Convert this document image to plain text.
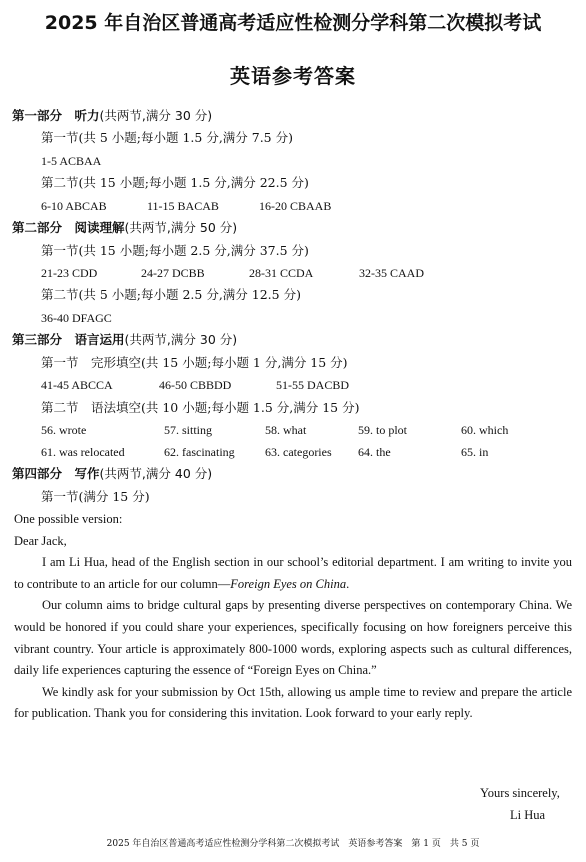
2025 年自治区普通高考适应性检测分学科第二次模拟考试
英语参考答案
第一部分　 听力(共两节,满分 30 分)
第一节(共 5 小题;每小题 1.5 分,满分 7.5 分)
1-5 ACBAA
第二节(共 15 小题;每小题 1.5 分,满分 22.5 分)
6-10 ABCAB	11-15 BACAB	16-20 CBAAB
第二部分　 阅读理解(共两节,满分 50 分)
第一节(共 15 小题;每小题 2.5 分,满分 37.5 分)
21-23 CDD	24-27 DCBB	28-31 CCDA	32-35 CAAD
第二节(共 5 小题;每小题 2.5 分,满分 12.5 分)
36-40 DFAGC
第三部分　 语言运用(共两节,满分 30 分)
第一节　完形填空(共 15 小题;每小题 1 分,满分 15 分)
41-45 ABCCA	46-50 CBBDD	51-55 DACBD
第二节　语法填空(共 10 小题;每小题 1.5 分,满分 15 分)
56. wrote	57. sitting	58. what	59. to plot	60. which
61. was relocated	62. fascinating	63. categories 64. the	65. in
第四部分　 写作(共两节,满分 40 分)
第一节(满分 15 分)

One possible version:

Dear Jack,

I am Li Hua, head of the English section in our school’s editorial department. I am writing to invite you to contribute to an article for our column—Foreign Eyes on China.

Our column aims to bridge cultural gaps by presenting diverse perspectives on contemporary China. We would be honored if you could share your experiences, specifically focusing on how foreigners perceive this vibrant country. Your article is approximately 800-1000 words, exploring aspects such as cultural differences, daily life experiences capturing the essence of “Foreign Eyes on China.”

We kindly ask for your submission by Oct 15th, allowing us ample time to review and prepare the article for publication. Thank you for considering this invitation. Look forward to your early reply.

Yours sincerely,
Li Hua
2025 年自治区普通高考适应性检测分学科第二次模拟考试　英语参考答案　第 1 页　共 5 页
